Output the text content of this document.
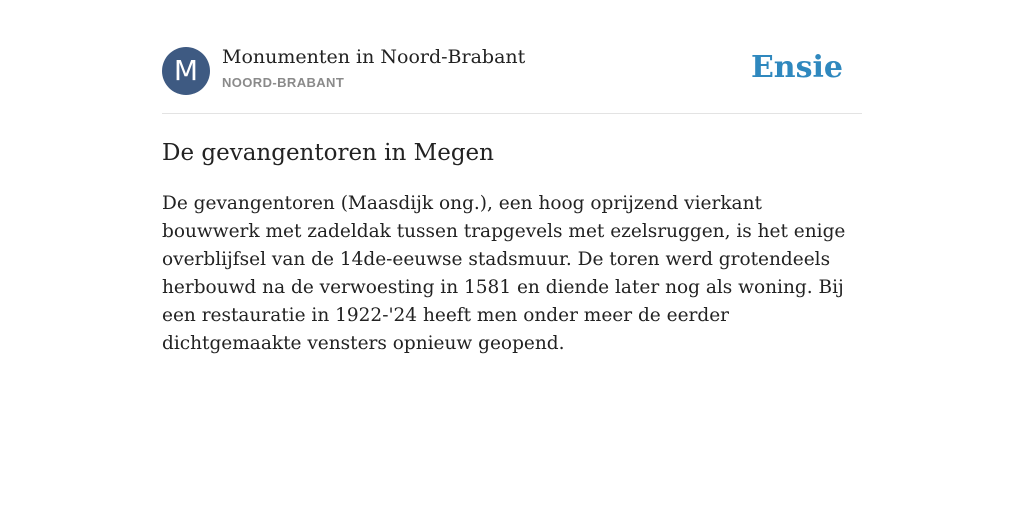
M	Monumenten in Noord-Brabant
NOORD-BRABANT	Ensie
De gevangentoren in Megen

De gevangentoren (Maasdijk ong.), een hoog oprijzend vierkant bouwwerk met zadeldak tussen trapgevels met ezelsruggen, is het enige overblijfsel van de 14de-eeuwse stadsmuur. De toren werd grotendeels herbouwd na de verwoesting in 1581 en diende later nog als woning. Bij een restauratie in 1922-'24 heeft men onder meer de eerder dichtgemaakte vensters opnieuw geopend.
